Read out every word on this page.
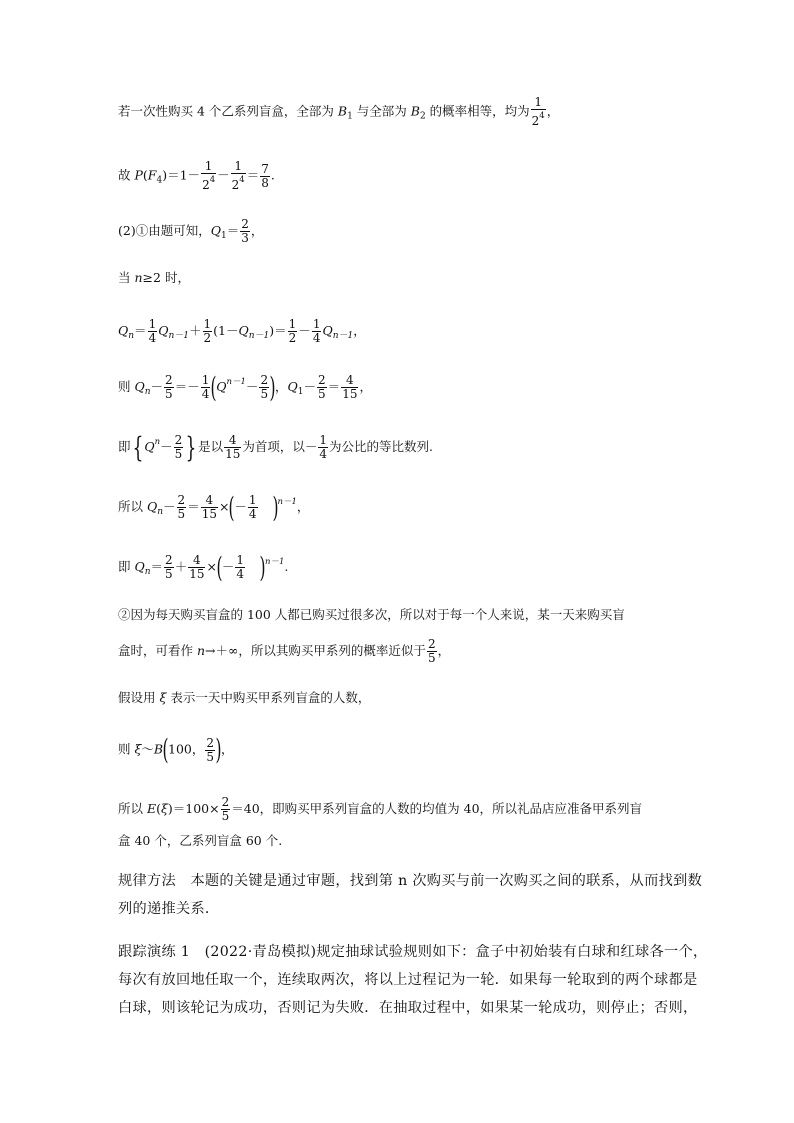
若一次性购买 4 个乙系列盲盒，全部为 $B_1$ 与全部为 $B_2$ 的概率相等，均为 $\frac{1}{2^4}$ ，
故 $P(F_4)=1- \frac{1}{2^4} - \frac{1}{2^4} = \frac{7}{8}$ .
(2)①由题可知，$Q_1= \frac{2}{3}$ ，
当 n≥2 时，
$Q_n= \frac{1}{4} Q_{n-1}+ \frac{1}{2} (1-Q_{n-1})= \frac{1}{2} - \frac{1}{4} Q_{n-1}$，
则 $Q_n- \frac{2}{5} =- \frac{1}{4} (Q^{n-1}- \frac{2}{5}$ )，$Q_1- \frac{2}{5} = \frac{4}{15}$ ，
即{ $Q^n- \frac{2}{5}$ } 是以 $\frac{4}{15}$ 为首项，以－ $\frac{1}{4}$ 为公比的等比数列.
所以 $Q_n- \frac{2}{5} = \frac{4}{15}$ ×(－ $\frac{1}{4} )^{n-1}$，
即 $Q_n= \frac{2}{5} + \frac{4}{15}$ ×(－ $\frac{1}{4} )^{n-1}$.
②因为每天购买盲盒的 100 人都已购买过很多次，所以对于每一个人来说，某一天来购买盲
盒时，可看作 n→＋∞，所以其购买甲系列的概率近似于 $\frac{2}{5}$ ，
假设用 ξ 表示一天中购买甲系列盲盒的人数，
则 ξ～B(100， $\frac{2}{5}$ )，
所以 $E(\xi)=100\times \frac{2}{5} =40$，即购买甲系列盲盒的人数的均值为 40，所以礼品店应准备甲系列盲
盒 40 个，乙系列盲盒 60 个.
规律方法　本题的关键是通过审题，找到第 n 次购买与前一次购买之间的联系，从而找到数
列的递推关系．
跟踪演练 1　(2022·青岛模拟)规定抽球试验规则如下：盒子中初始装有白球和红球各一个，
每次有放回地任取一个，连续取两次，将以上过程记为一轮．如果每一轮取到的两个球都是
白球，则该轮记为成功，否则记为失败．在抽取过程中，如果某一轮成功，则停止；否则，
